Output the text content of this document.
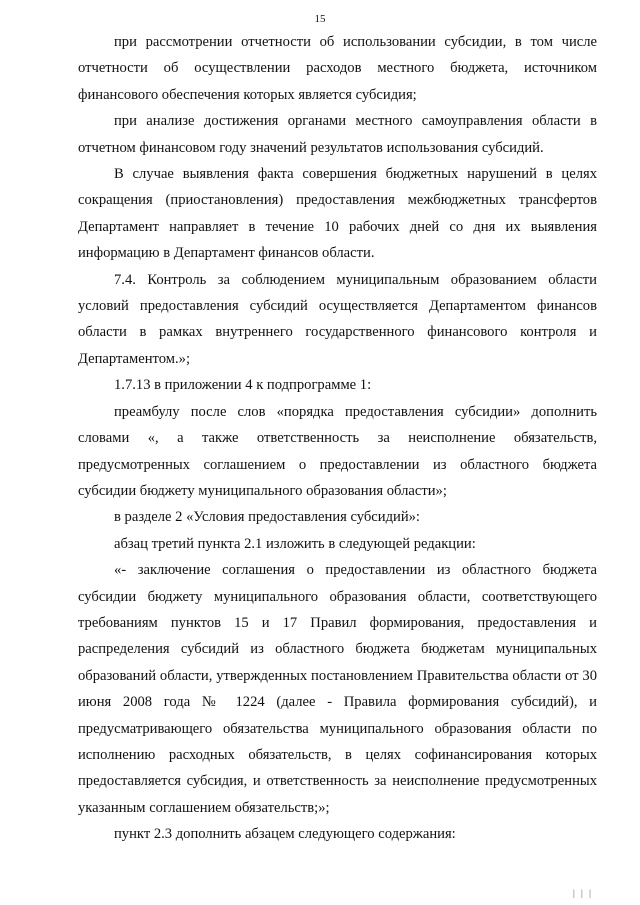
15

при рассмотрении отчетности об использовании субсидии, в том числе отчетности об осуществлении расходов местного бюджета, источником финансового обеспечения которых является субсидия;

при анализе достижения органами местного самоуправления области в отчетном финансовом году значений результатов использования субсидий.

В случае выявления факта совершения бюджетных нарушений в целях сокращения (приостановления) предоставления межбюджетных трансфертов Департамент направляет в течение 10 рабочих дней со дня их выявления информацию в Департамент финансов области.

7.4. Контроль за соблюдением муниципальным образованием области условий предоставления субсидий осуществляется Департаментом финансов области в рамках внутреннего государственного финансового контроля и Департаментом.»;

1.7.13 в приложении 4 к подпрограмме 1:

преамбулу после слов «порядка предоставления субсидии» дополнить словами «, а также ответственность за неисполнение обязательств, предусмотренных соглашением о предоставлении из областного бюджета субсидии бюджету муниципального образования области»;

в разделе 2 «Условия предоставления субсидий»:

абзац третий пункта 2.1 изложить в следующей редакции:

«- заключение соглашения о предоставлении из областного бюджета субсидии бюджету муниципального образования области, соответствующего требованиям пунктов 15 и 17 Правил формирования, предоставления и распределения субсидий из областного бюджета бюджетам муниципальных образований области, утвержденных постановлением Правительства области от 30 июня 2008 года № 1224 (далее - Правила формирования субсидий), и предусматривающего обязательства муниципального образования области по исполнению расходных обязательств, в целях софинансирования которых предоставляется субсидия, и ответственность за неисполнение предусмотренных указанным соглашением обязательств;»;

пункт 2.3 дополнить абзацем следующего содержания:

| | |
